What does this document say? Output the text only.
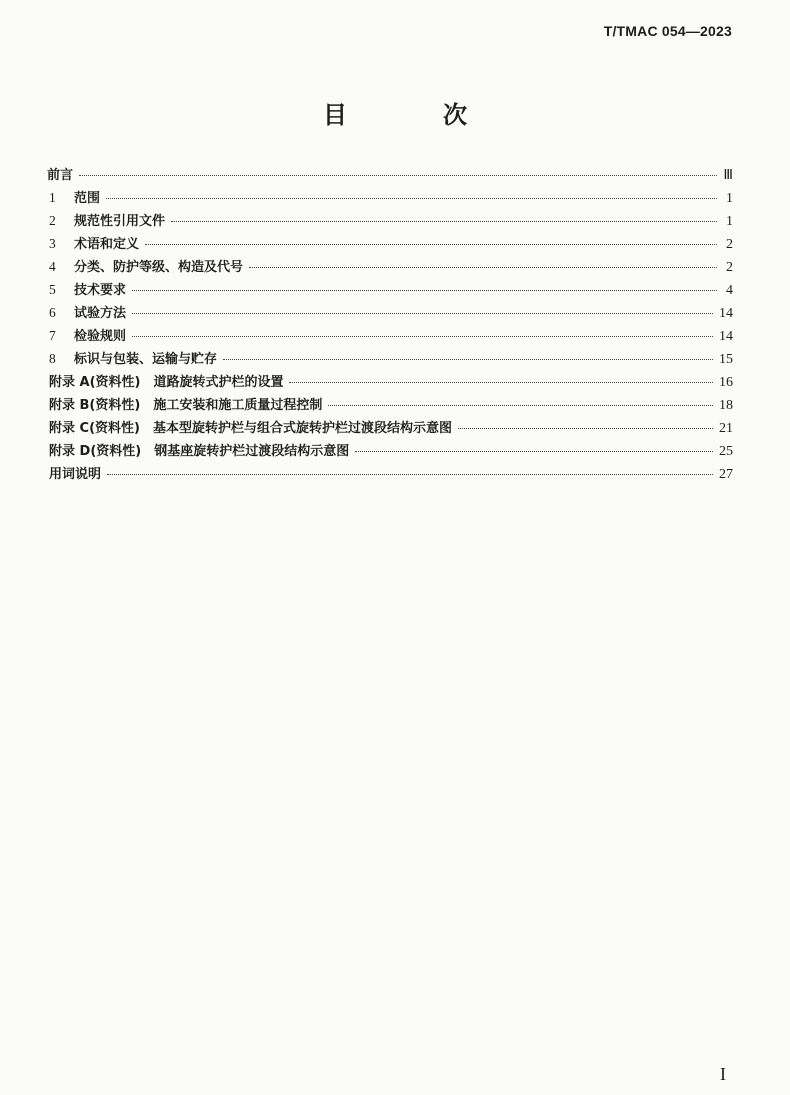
T/TMAC 054—2023
目　次
前言	Ⅲ
1	范围	1
2	规范性引用文件	1
3	术语和定义	2
4	分类、防护等级、构造及代号	2
5	技术要求	4
6	试验方法	14
7	检验规则	14
8	标识与包装、运输与贮存	15
附录 A(资料性)　道路旋转式护栏的设置	16
附录 B(资料性)　施工安装和施工质量过程控制	18
附录 C(资料性)　基本型旋转护栏与组合式旋转护栏过渡段结构示意图	21
附录 D(资料性)　钢基座旋转护栏过渡段结构示意图	25
用词说明	27
I
